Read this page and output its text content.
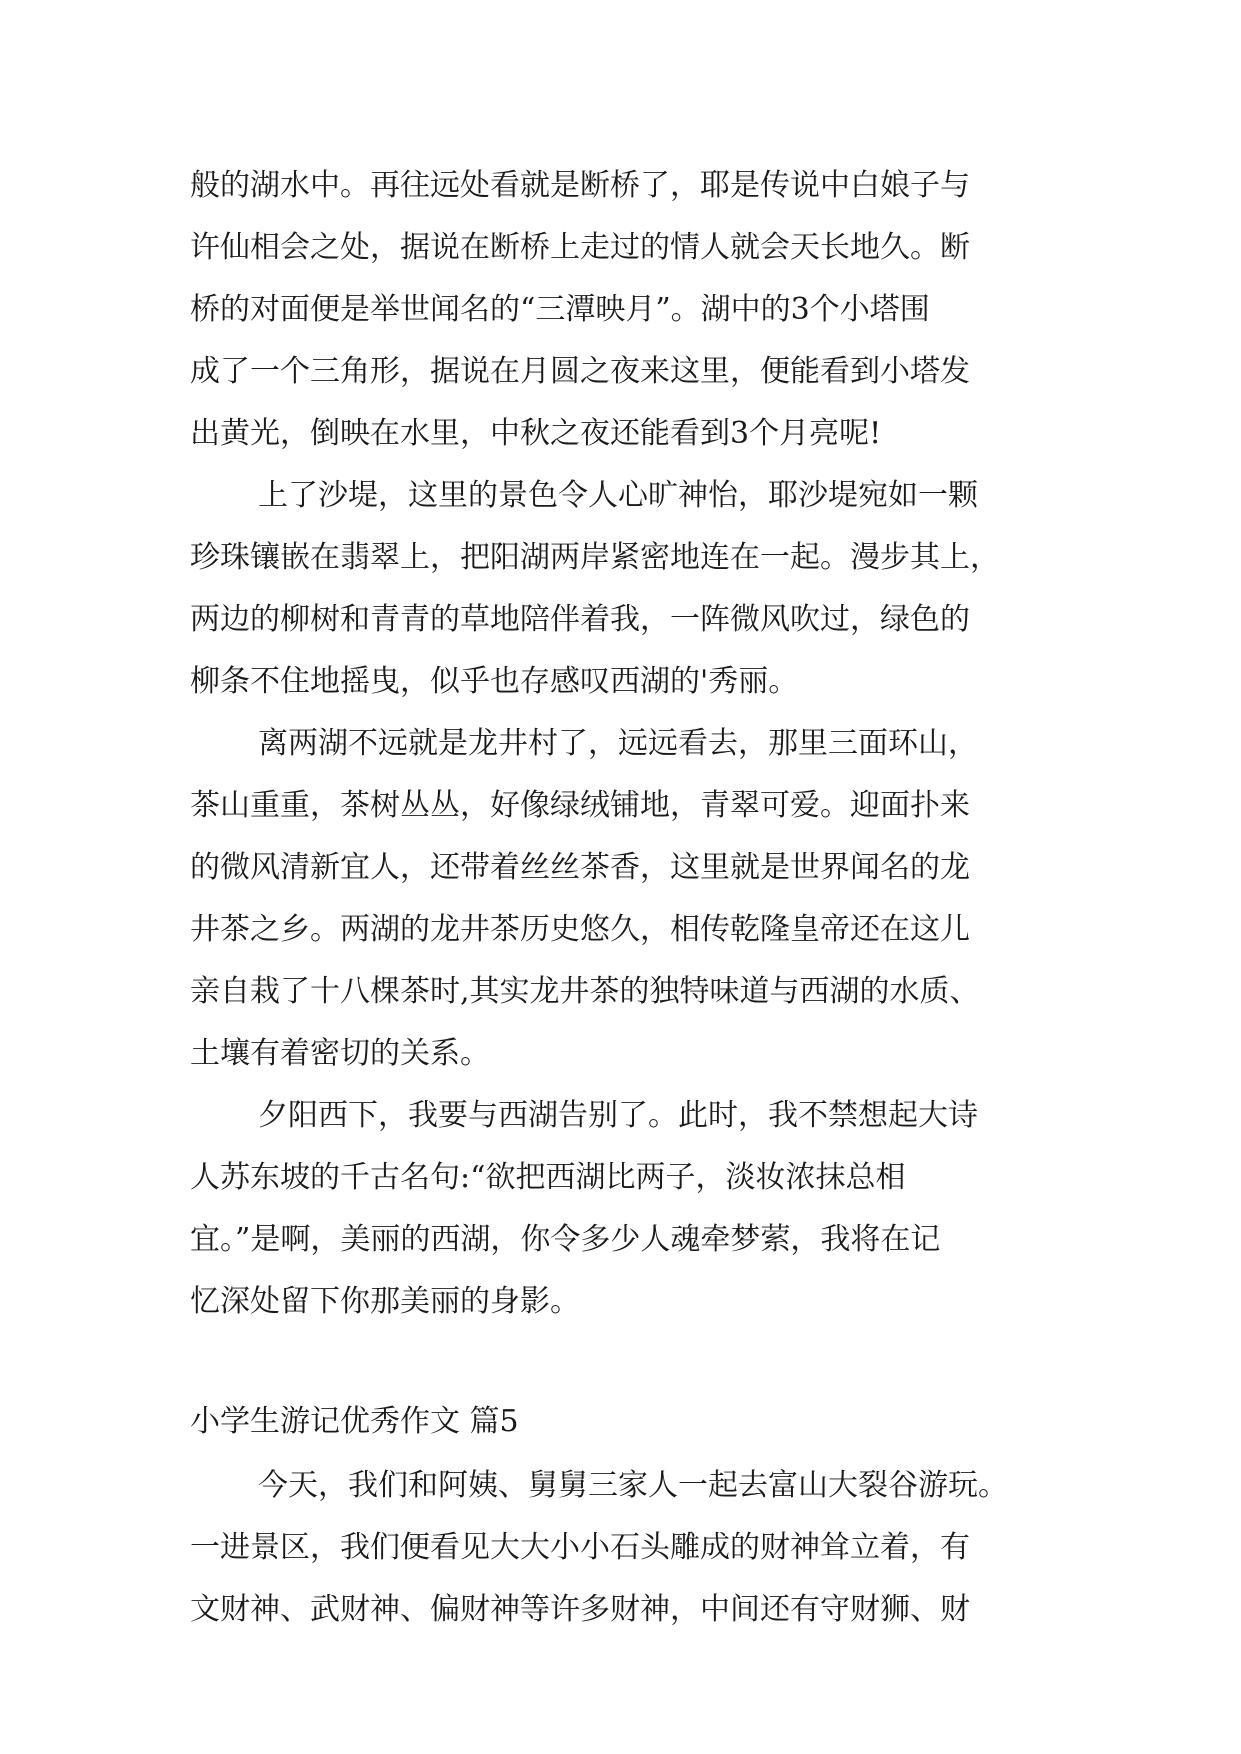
般的湖水中。再往远处看就是断桥了，耶是传说中白娘子与
许仙相会之处，据说在断桥上走过的情人就会天长地久。断
桥的对面便是举世闻名的“三潭映月”。湖中的3个小塔围
成了一个三角形，据说在月圆之夜来这里，便能看到小塔发
出黄光，倒映在水里，中秋之夜还能看到3个月亮呢!
上了沙堤，这里的景色令人心旷神怡，耶沙堤宛如一颗
珍珠镶嵌在翡翠上，把阳湖两岸紧密地连在一起。漫步其上，
两边的柳树和青青的草地陪伴着我，一阵微风吹过，绿色的
柳条不住地摇曳，似乎也存感叹西湖的'秀丽。
离两湖不远就是龙井村了，远远看去，那里三面环山，
茶山重重，茶树丛丛，好像绿绒铺地，青翠可爱。迎面扑来
的微风清新宜人，还带着丝丝茶香，这里就是世界闻名的龙
井茶之乡。两湖的龙井茶历史悠久，相传乾隆皇帝还在这儿
亲自栽了十八棵茶时,其实龙井茶的独特味道与西湖的水质、
土壤有着密切的关系。
夕阳西下，我要与西湖告别了。此时，我不禁想起大诗
人苏东坡的千古名句:“欲把西湖比两子，淡妆浓抹总相
宜。”是啊，美丽的西湖，你令多少人魂牵梦萦，我将在记
忆深处留下你那美丽的身影。
小学生游记优秀作文 篇5
今天，我们和阿姨、舅舅三家人一起去富山大裂谷游玩。
一进景区，我们便看见大大小小石头雕成的财神耸立着，有
文财神、武财神、偏财神等许多财神，中间还有守财狮、财
